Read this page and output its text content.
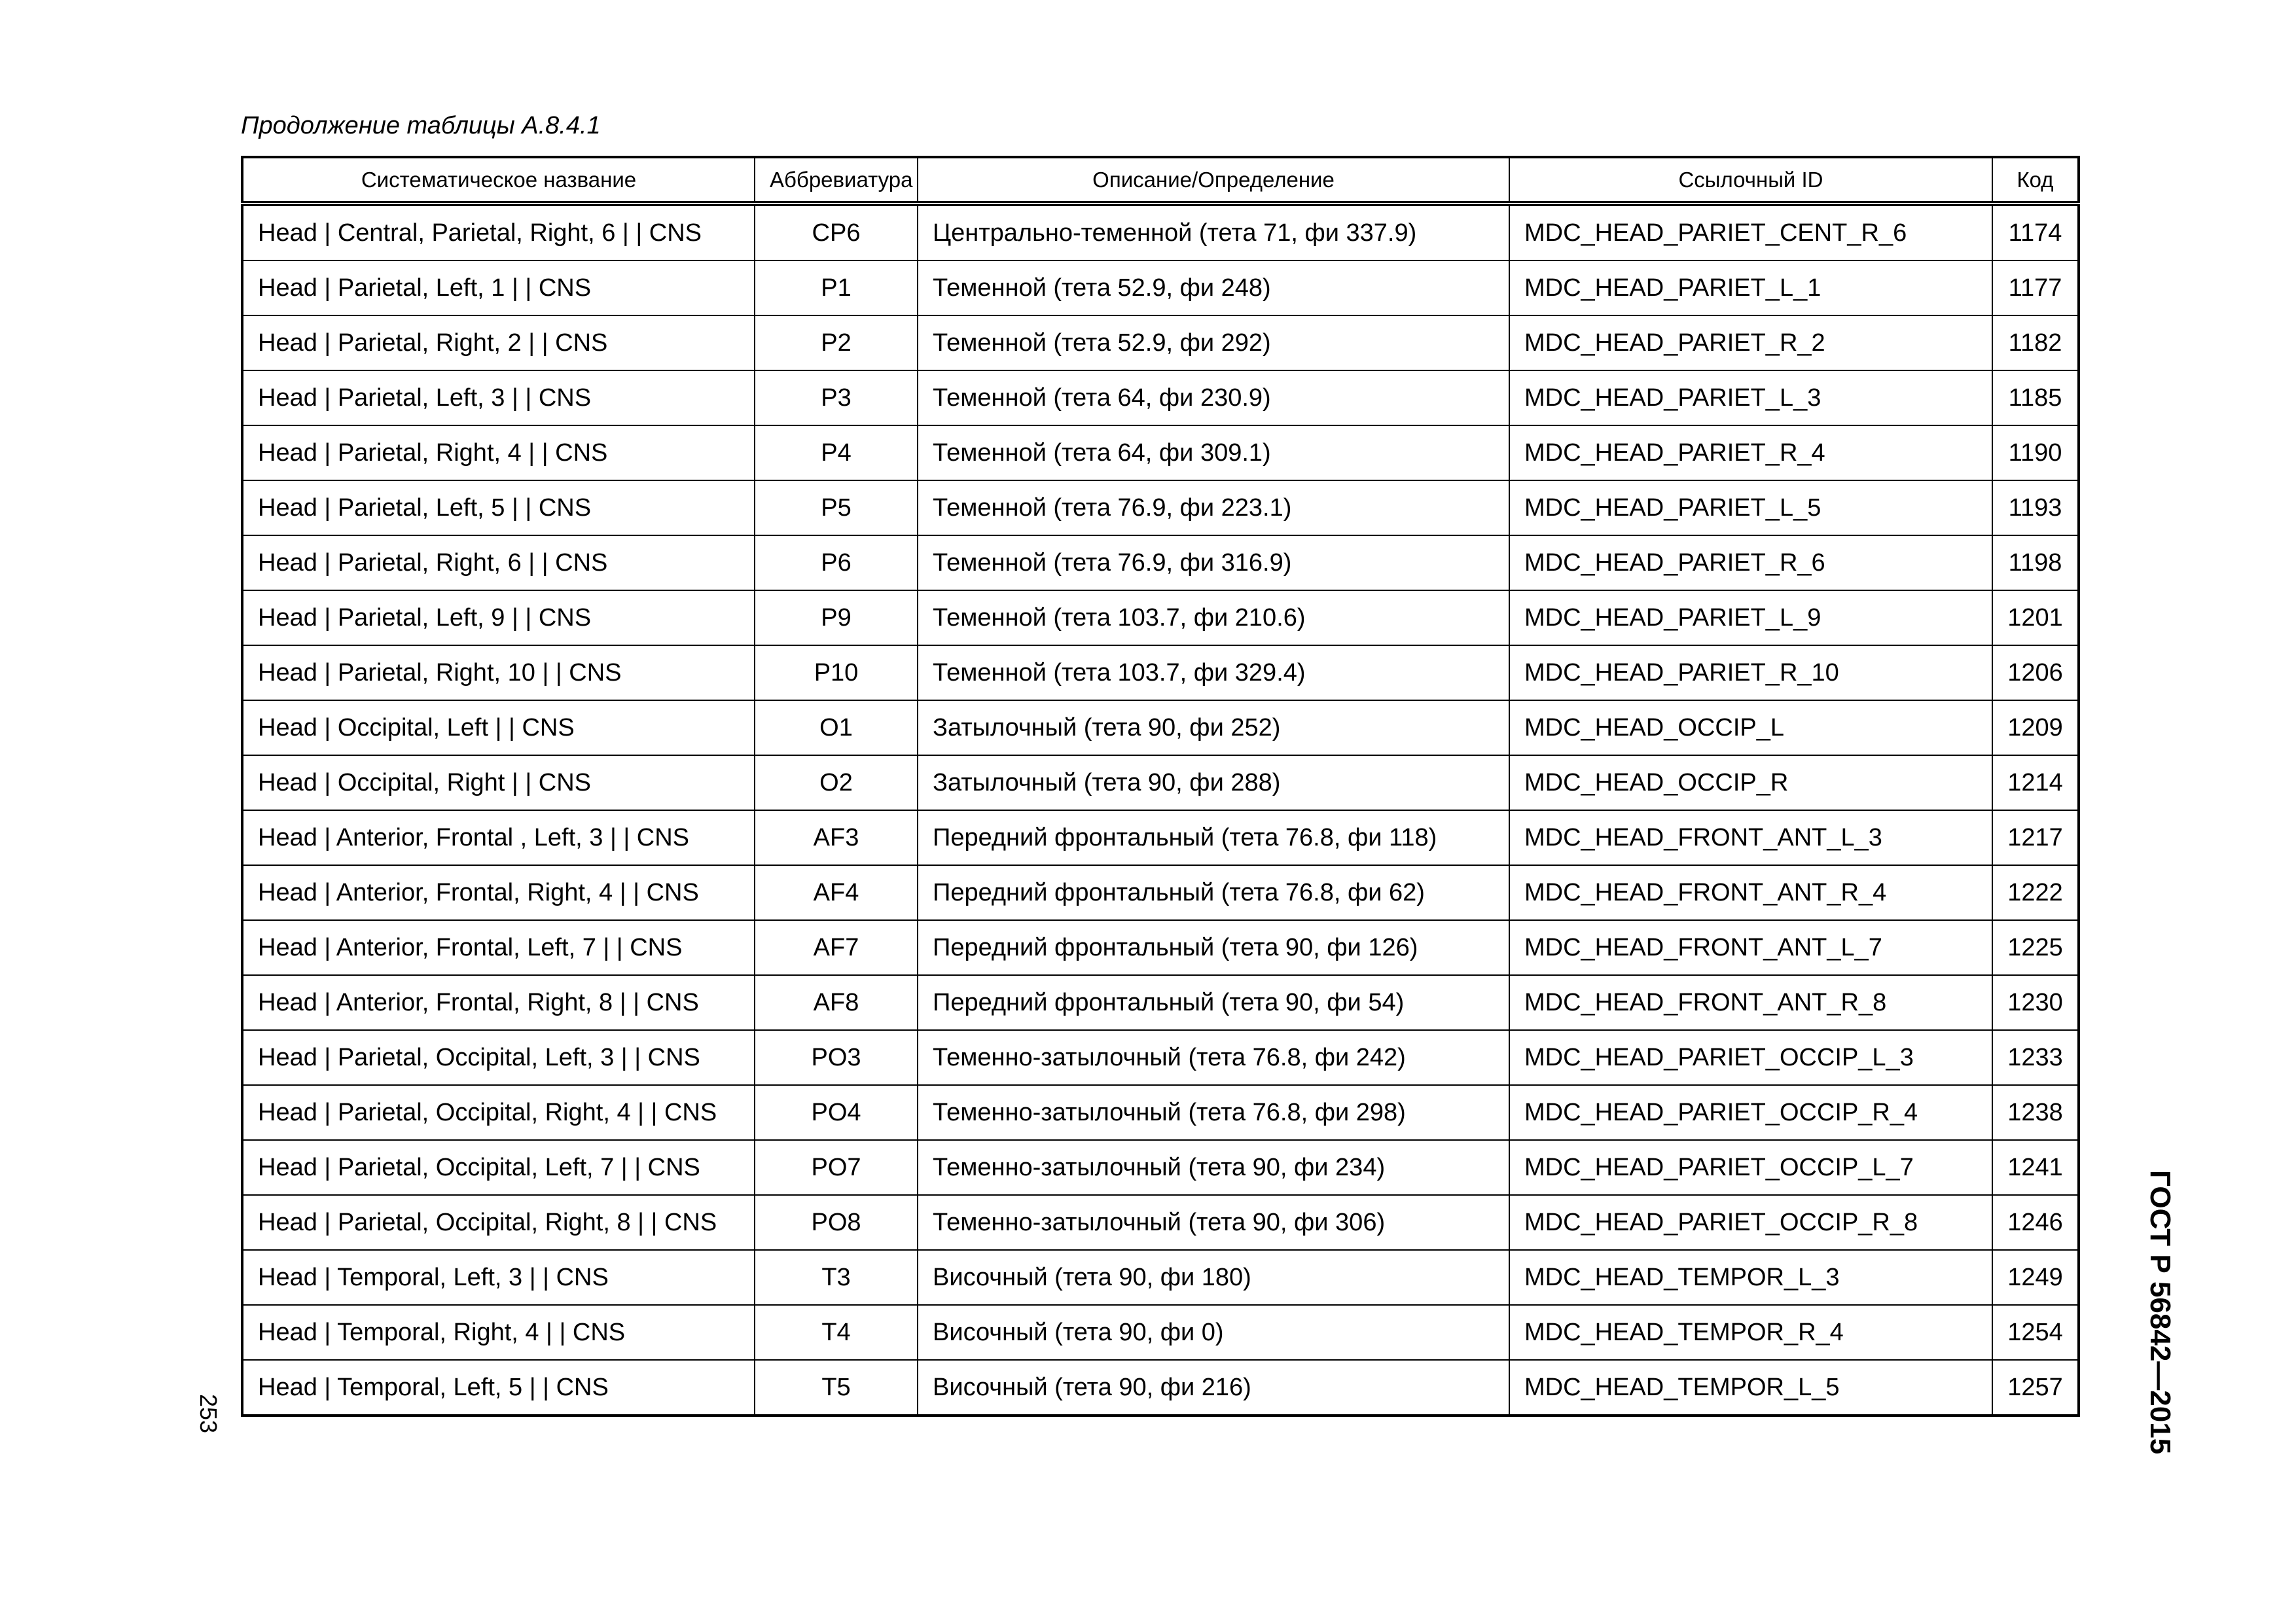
Продолжение таблицы А.8.4.1
Систематическое название	Аббревиатура	Описание/Определение	Ссылочный ID	Код
Head | Central, Parietal, Right, 6 | | CNS	CP6	Центрально-теменной (тета 71, фи 337.9)	MDC_HEAD_PARIET_CENT_R_6	1174
Head | Parietal, Left, 1 | | CNS	P1	Теменной (тета 52.9, фи 248)	MDC_HEAD_PARIET_L_1	1177
Head | Parietal, Right, 2 | | CNS	P2	Теменной (тета 52.9, фи 292)	MDC_HEAD_PARIET_R_2	1182
Head | Parietal, Left, 3 | | CNS	P3	Теменной (тета 64, фи 230.9)	MDC_HEAD_PARIET_L_3	1185
Head | Parietal, Right, 4 | | CNS	P4	Теменной (тета 64, фи 309.1)	MDC_HEAD_PARIET_R_4	1190
Head | Parietal, Left, 5 | | CNS	P5	Теменной (тета 76.9, фи 223.1)	MDC_HEAD_PARIET_L_5	1193
Head | Parietal, Right, 6 | | CNS	P6	Теменной (тета 76.9, фи 316.9)	MDC_HEAD_PARIET_R_6	1198
Head | Parietal, Left, 9 | | CNS	P9	Теменной (тета 103.7, фи 210.6)	MDC_HEAD_PARIET_L_9	1201
Head | Parietal, Right, 10 | | CNS	P10	Теменной (тета 103.7, фи 329.4)	MDC_HEAD_PARIET_R_10	1206
Head | Occipital, Left | | CNS	O1	Затылочный (тета 90, фи 252)	MDC_HEAD_OCCIP_L	1209
Head | Occipital, Right | | CNS	O2	Затылочный (тета 90, фи 288)	MDC_HEAD_OCCIP_R	1214
Head | Anterior, Frontal , Left, 3 | | CNS	AF3	Передний фронтальный (тета 76.8, фи 118)	MDC_HEAD_FRONT_ANT_L_3	1217
Head | Anterior, Frontal, Right, 4 | | CNS	AF4	Передний фронтальный (тета 76.8, фи 62)	MDC_HEAD_FRONT_ANT_R_4	1222
Head | Anterior, Frontal, Left, 7 | | CNS	AF7	Передний фронтальный (тета 90, фи 126)	MDC_HEAD_FRONT_ANT_L_7	1225
Head | Anterior, Frontal, Right, 8 | | CNS	AF8	Передний фронтальный (тета 90, фи 54)	MDC_HEAD_FRONT_ANT_R_8	1230
Head | Parietal, Occipital, Left, 3 | | CNS	PO3	Теменно-затылочный (тета 76.8, фи 242)	MDC_HEAD_PARIET_OCCIP_L_3	1233
Head | Parietal, Occipital, Right, 4 | | CNS	PO4	Теменно-затылочный (тета 76.8, фи 298)	MDC_HEAD_PARIET_OCCIP_R_4	1238
Head | Parietal, Occipital, Left, 7 | | CNS	PO7	Теменно-затылочный (тета 90, фи 234)	MDC_HEAD_PARIET_OCCIP_L_7	1241
Head | Parietal, Occipital, Right, 8 | | CNS	PO8	Теменно-затылочный (тета 90, фи 306)	MDC_HEAD_PARIET_OCCIP_R_8	1246
Head | Temporal, Left, 3 | | CNS	T3	Височный (тета 90, фи 180)	MDC_HEAD_TEMPOR_L_3	1249
Head | Temporal, Right, 4 | | CNS	T4	Височный (тета 90, фи 0)	MDC_HEAD_TEMPOR_R_4	1254
Head | Temporal, Left, 5 | | CNS	T5	Височный (тета 90, фи 216)	MDC_HEAD_TEMPOR_L_5	1257	ГОСТ Р 56842—2015
253
